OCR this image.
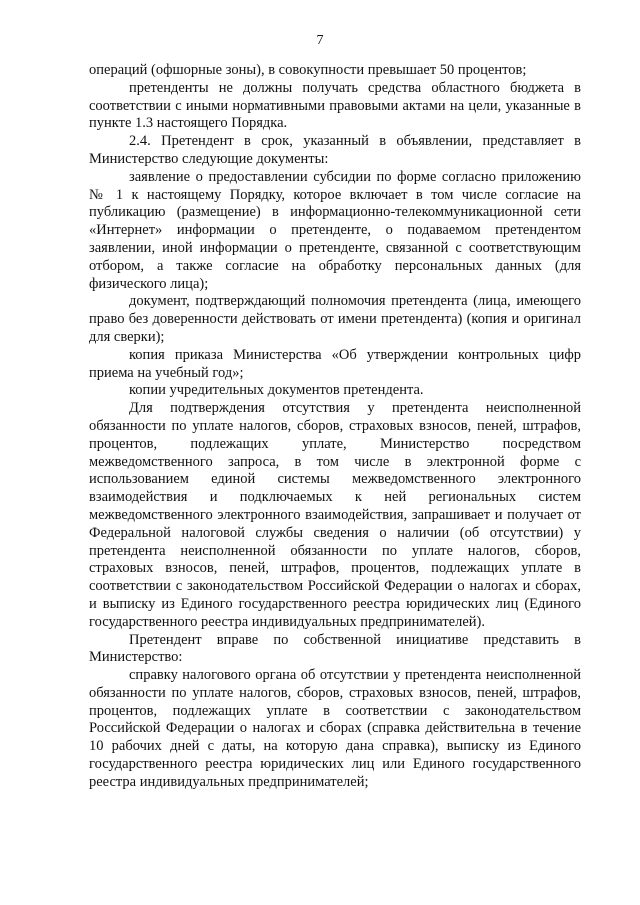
7

операций (офшорные зоны), в совокупности превышает 50 процентов;

претенденты не должны получать средства областного бюджета в соответствии с иными нормативными правовыми актами на цели, указанные в пункте 1.3 настоящего Порядка.

2.4. Претендент в срок, указанный в объявлении, представляет в Министерство следующие документы:

заявление о предоставлении субсидии по форме согласно приложению № 1 к настоящему Порядку, которое включает в том числе согласие на публикацию (размещение) в информационно-телекоммуникационной сети «Интернет» информации о претенденте, о подаваемом претендентом заявлении, иной информации о претенденте, связанной с соответствующим отбором, а также согласие на обработку персональных данных (для физического лица);

документ, подтверждающий полномочия претендента (лица, имеющего право без доверенности действовать от имени претендента) (копия и оригинал для сверки);

копия приказа Министерства «Об утверждении контрольных цифр приема на учебный год»;

копии учредительных документов претендента.

Для подтверждения отсутствия у претендента неисполненной обязанности по уплате налогов, сборов, страховых взносов, пеней, штрафов, процентов, подлежащих уплате, Министерство посредством межведомственного запроса, в том числе в электронной форме с использованием единой системы межведомственного электронного взаимодействия и подключаемых к ней региональных систем межведомственного электронного взаимодействия, запрашивает и получает от Федеральной налоговой службы сведения о наличии (об отсутствии) у претендента неисполненной обязанности по уплате налогов, сборов, страховых взносов, пеней, штрафов, процентов, подлежащих уплате в соответствии с законодательством Российской Федерации о налогах и сборах, и выписку из Единого государственного реестра юридических лиц (Единого государственного реестра индивидуальных предпринимателей).

Претендент вправе по собственной инициативе представить в Министерство:

справку налогового органа об отсутствии у претендента неисполненной обязанности по уплате налогов, сборов, страховых взносов, пеней, штрафов, процентов, подлежащих уплате в соответствии с законодательством Российской Федерации о налогах и сборах (справка действительна в течение 10 рабочих дней с даты, на которую дана справка), выписку из Единого государственного реестра юридических лиц или Единого государственного реестра индивидуальных предпринимателей;
